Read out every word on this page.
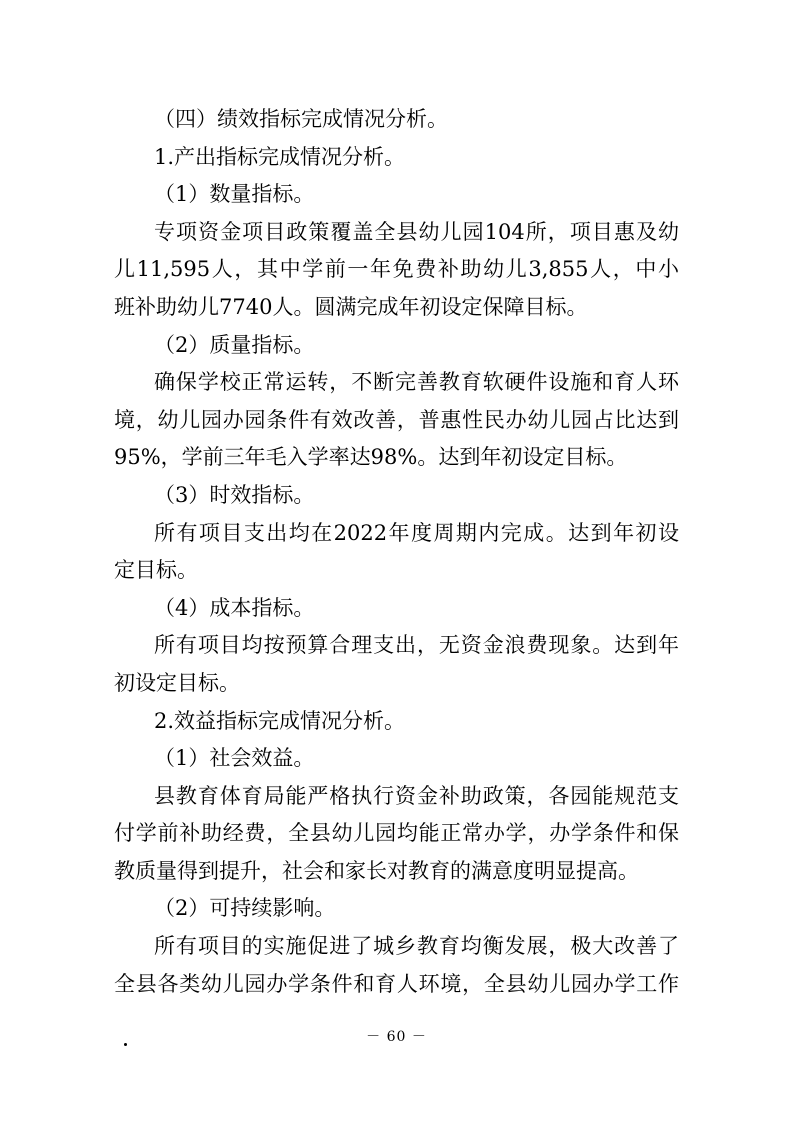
（四）绩效指标完成情况分析。
1.产出指标完成情况分析。
（1）数量指标。
专项资金项目政策覆盖全县幼儿园104所，项目惠及幼
儿11,595人，其中学前一年免费补助幼儿3,855人，中小
班补助幼儿7740人。圆满完成年初设定保障目标。
（2）质量指标。
确保学校正常运转，不断完善教育软硬件设施和育人环
境，幼儿园办园条件有效改善，普惠性民办幼儿园占比达到
95%，学前三年毛入学率达98%。达到年初设定目标。
（3）时效指标。
所有项目支出均在2022年度周期内完成。达到年初设
定目标。
（4）成本指标。
所有项目均按预算合理支出，无资金浪费现象。达到年
初设定目标。
2.效益指标完成情况分析。
（1）社会效益。
县教育体育局能严格执行资金补助政策，各园能规范支
付学前补助经费，全县幼儿园均能正常办学，办学条件和保
教质量得到提升，社会和家长对教育的满意度明显提高。
（2）可持续影响。
所有项目的实施促进了城乡教育均衡发展，极大改善了
全县各类幼儿园办学条件和育人环境，全县幼儿园办学工作
－ 60 －
